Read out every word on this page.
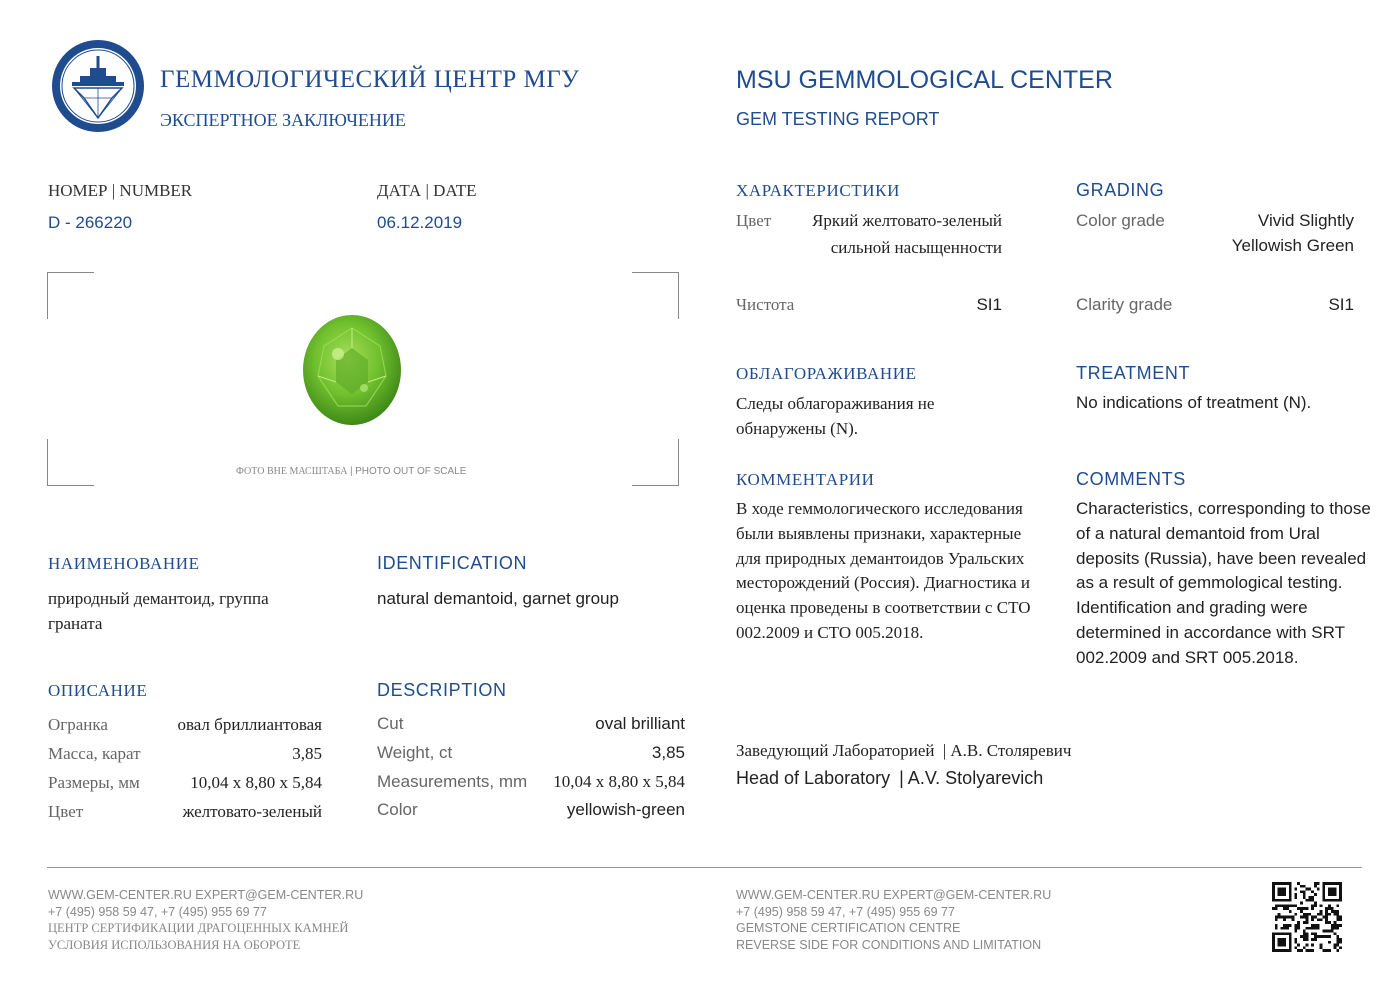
ГЕММОЛОГИЧЕСКИЙ ЦЕНТР МГУ
ЭКСПЕРТНОЕ ЗАКЛЮЧЕНИЕ
MSU GEMMOLOGICAL CENTER
GEM TESTING REPORT
НОМЕР | NUMBER
D - 266220
ДАТА | DATE
06.12.2019
ФОТО ВНЕ МАСШТАБА | PHOTO OUT OF SCALE
НАИМЕНОВАНИЕ
природный демантоид, группа граната
IDENTIFICATION
natural demantoid, garnet group
ОПИСАНИЕ	DESCRIPTION
Огранка	овал бриллиантовая
Масса, карат	3,85
Размеры, мм	10,04 x 8,80 x 5,84
Цвет	желтовато-зеленый
Cut	oval brilliant
Weight, ct	3,85
Measurements, mm 10,04 x 8,80 x 5,84
Color	yellowish-green
ХАРАКТЕРИСТИКИ
Цвет	Яркий желтовато-зеленый
сильной насыщенности
Чистота	SI1
GRADING
Color grade	Vivid Slightly
Yellowish Green
Clarity grade	SI1
ОБЛАГОРАЖИВАНИЕ
Следы облагораживания не обнаружены (N).
TREATMENT
No indications of treatment (N).
КОММЕНТАРИИ
В ходе геммологического исследования были выявлены признаки, характерные для природных демантоидов Уральских месторождений (Россия). Диагностика и оценка проведены в соответствии с СТО 002.2009 и СТО 005.2018.
COMMENTS
Characteristics, corresponding to those of a natural demantoid from Ural deposits (Russia), have been revealed as a result of gemmological testing. Identification and grading were determined in accordance with SRT 002.2009 and SRT 005.2018.
Заведующий Лабораторией | А.В. Столяревич
Head of Laboratory | A.V. Stolyarevich
WWW.GEM-CENTER.RU EXPERT@GEM-CENTER.RU
+7 (495) 958 59 47, +7 (495) 955 69 77
ЦЕНТР СЕРТИФИКАЦИИ ДРАГОЦЕННЫХ КАМНЕЙ
УСЛОВИЯ ИСПОЛЬЗОВАНИЯ НА ОБОРОТЕ
WWW.GEM-CENTER.RU EXPERT@GEM-CENTER.RU
+7 (495) 958 59 47, +7 (495) 955 69 77
GEMSTONE CERTIFICATION CENTRE
REVERSE SIDE FOR CONDITIONS AND LIMITATION
